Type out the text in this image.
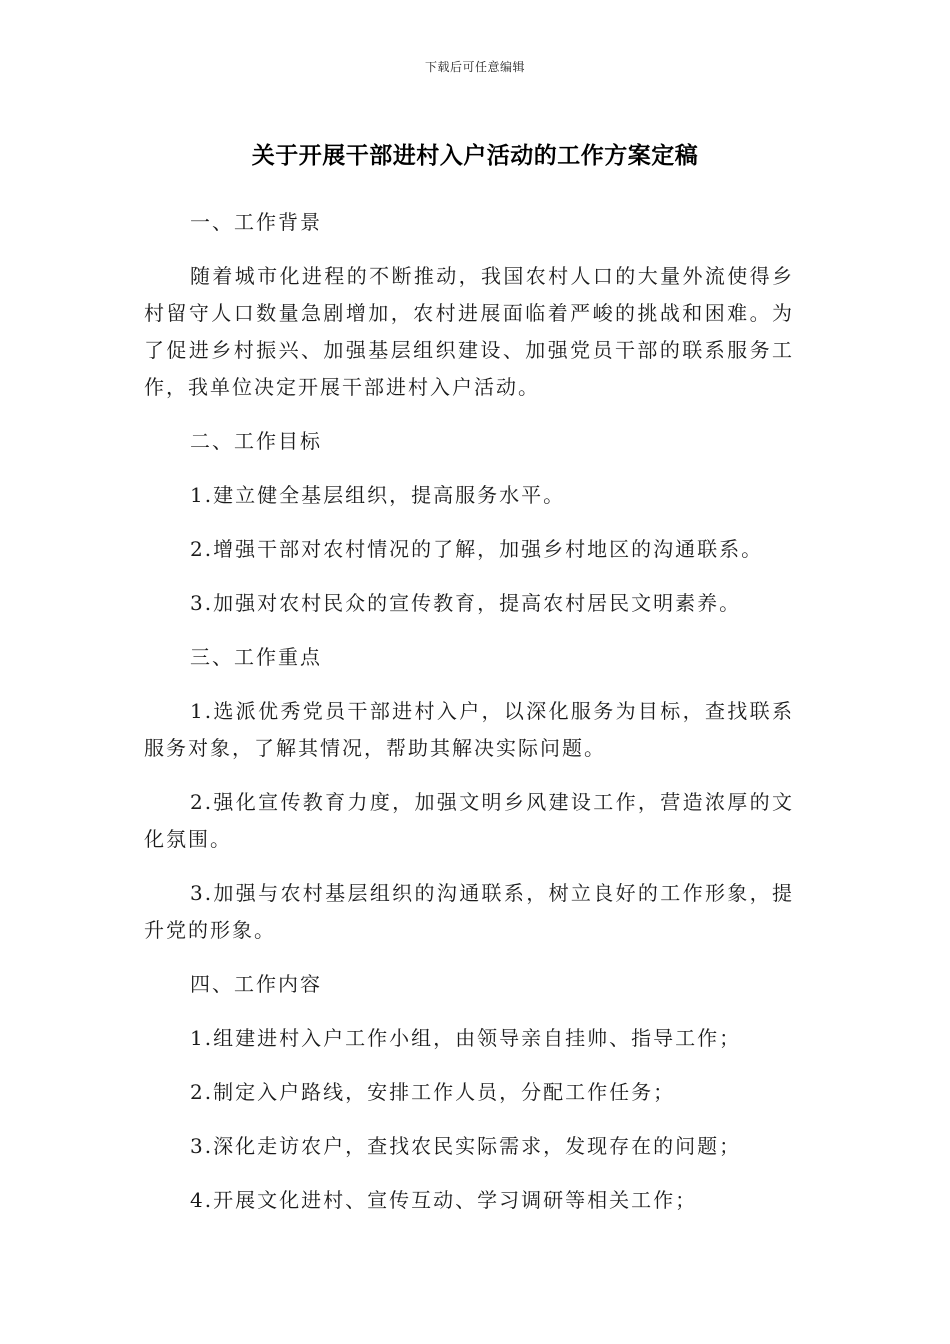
下载后可任意编辑
关于开展干部进村入户活动的工作方案定稿

一、工作背景

随着城市化进程的不断推动，我国农村人口的大量外流使得乡村留守人口数量急剧增加，农村进展面临着严峻的挑战和困难。为了促进乡村振兴、加强基层组织建设、加强党员干部的联系服务工作，我单位决定开展干部进村入户活动。

二、工作目标

1.建立健全基层组织，提高服务水平。

2.增强干部对农村情况的了解，加强乡村地区的沟通联系。

3.加强对农村民众的宣传教育，提高农村居民文明素养。

三、工作重点

1.选派优秀党员干部进村入户，以深化服务为目标，查找联系服务对象，了解其情况，帮助其解决实际问题。

2.强化宣传教育力度，加强文明乡风建设工作，营造浓厚的文化氛围。

3.加强与农村基层组织的沟通联系，树立良好的工作形象，提升党的形象。

四、工作内容

1.组建进村入户工作小组，由领导亲自挂帅、指导工作；

2.制定入户路线，安排工作人员，分配工作任务；

3.深化走访农户，查找农民实际需求，发现存在的问题；

4.开展文化进村、宣传互动、学习调研等相关工作；
